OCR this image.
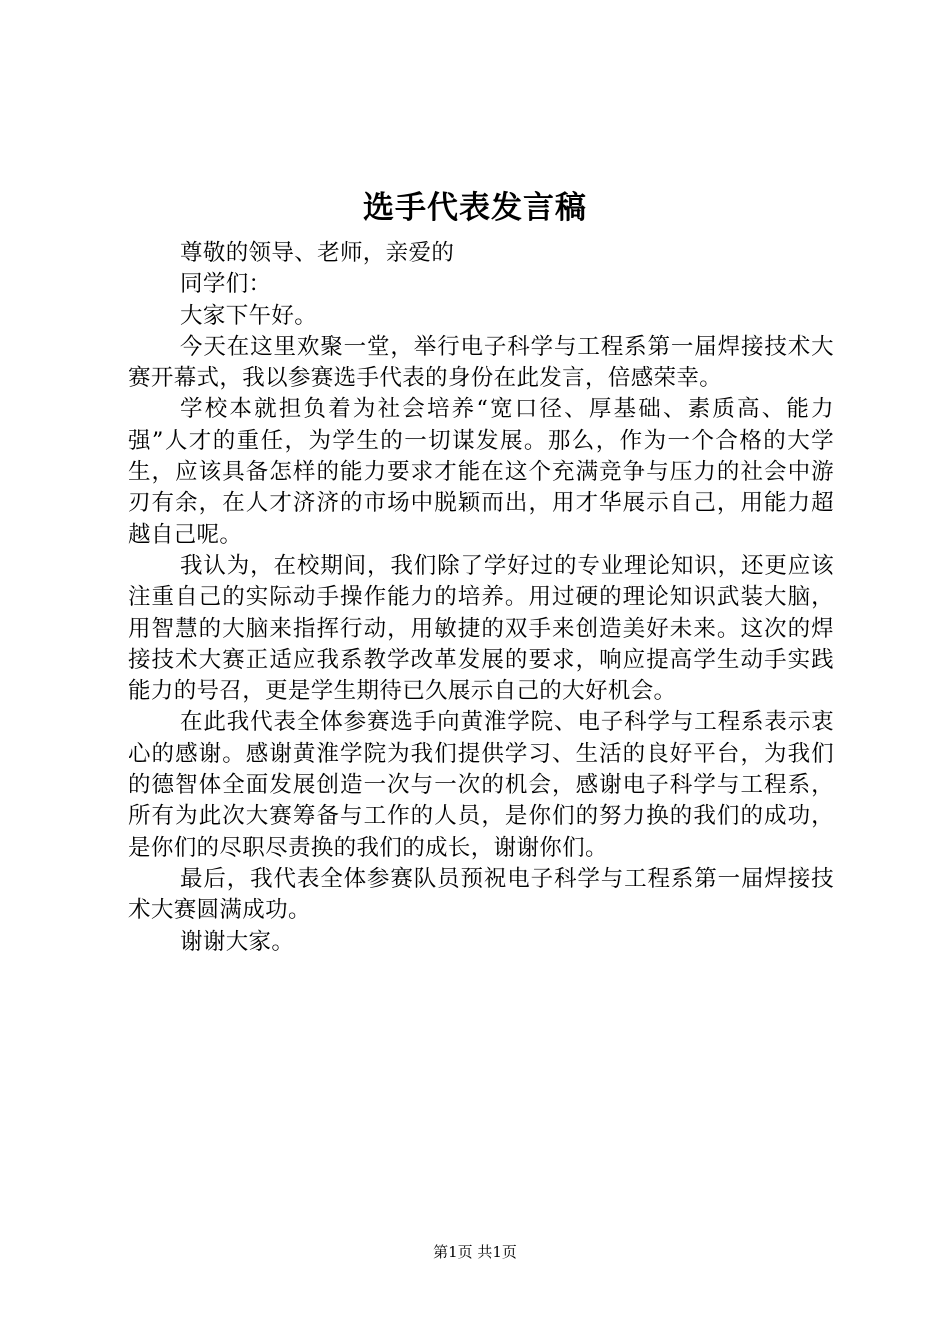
选手代表发言稿

尊敬的领导、老师，亲爱的

同学们：

大家下午好。

今天在这里欢聚一堂，举行电子科学与工程系第一届焊接技术大赛开幕式，我以参赛选手代表的身份在此发言，倍感荣幸。

学校本就担负着为社会培养“宽口径、厚基础、素质高、能力强”人才的重任，为学生的一切谋发展。那么，作为一个合格的大学生，应该具备怎样的能力要求才能在这个充满竞争与压力的社会中游刃有余，在人才济济的市场中脱颖而出，用才华展示自己，用能力超越自己呢。

我认为，在校期间，我们除了学好过的专业理论知识，还更应该注重自己的实际动手操作能力的培养。用过硬的理论知识武装大脑，用智慧的大脑来指挥行动，用敏捷的双手来创造美好未来。这次的焊接技术大赛正适应我系教学改革发展的要求，响应提高学生动手实践能力的号召，更是学生期待已久展示自己的大好机会。

在此我代表全体参赛选手向黄淮学院、电子科学与工程系表示衷心的感谢。感谢黄淮学院为我们提供学习、生活的良好平台，为我们的德智体全面发展创造一次与一次的机会，感谢电子科学与工程系，所有为此次大赛筹备与工作的人员，是你们的努力换的我们的成功，是你们的尽职尽责换的我们的成长，谢谢你们。

最后，我代表全体参赛队员预祝电子科学与工程系第一届焊接技术大赛圆满成功。

谢谢大家。

第1页 共1页
